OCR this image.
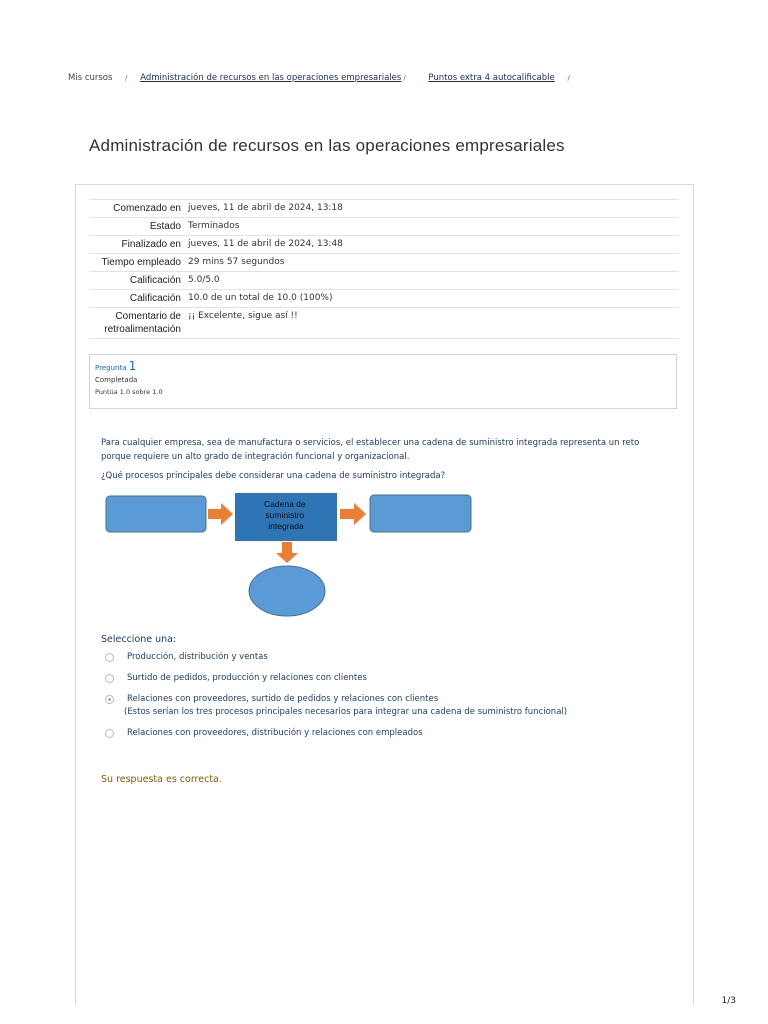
Mis cursos / Administración de recursos en las operaciones empresariales /	Puntos extra 4 autocalificable /
Administración de recursos en las operaciones empresariales
Comenzado en	jueves, 11 de abril de 2024, 13:18
Estado	Terminados
Finalizado en	jueves, 11 de abril de 2024, 13:48
Tiempo empleado	29 mins 57 segundos
Calificación	5.0/5.0
Calificación	10.0 de un total de 10.0 (100%)
Comentario de retroalimentación	¡¡ Excelente, sigue así !!
Pregunta 1
Completada
Puntúa 1.0 sobre 1.0

Para cualquier empresa, sea de manufactura o servicios, el establecer una cadena de suministro integrada representa un reto porque requiere un alto grado de integración funcional y organizacional.

¿Qué procesos principales debe considerar una cadena de suministro integrada?

Cadena de suministro integrada
Seleccione una:
Producción, distribución y ventas
Surtido de pedidos, producción y relaciones con clientes
Relaciones con proveedores, surtido de pedidos y relaciones con clientes
(Estos serían los tres procesos principales necesarios para integrar una cadena de suministro funcional)
Relaciones con proveedores, distribución y relaciones con empleados
Su respuesta es correcta.
1/3
